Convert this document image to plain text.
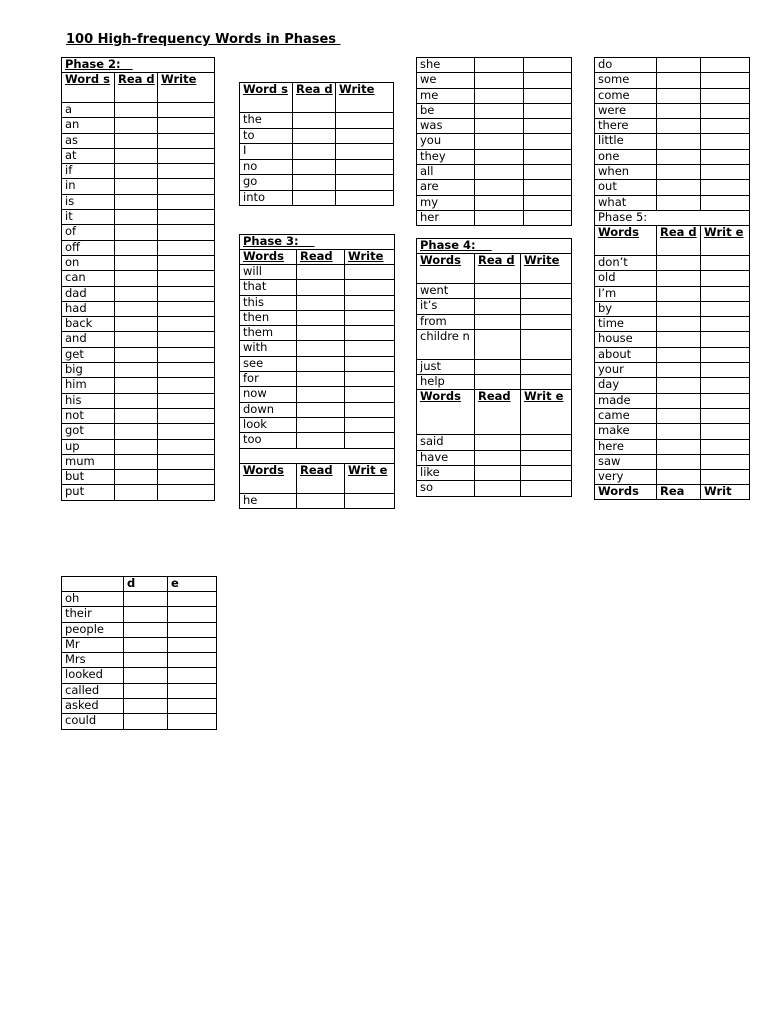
100 High-frequency Words in Phases
Phase 2:		
Word s	Rea d	Write
a		
an		
as		
at		
if		
in		
is		
it		
of		
off		
on		
can		
dad		
had		
back		
and		
get		
big		
him		
his		
not		
got		
up		
mum		
but		
put		
Word s	Rea d	Write
the		
to		
I		
no		
go		
into		
Phase 3:		
Words	Read	Write
will		
that		
this		
then		
them		
with		
see		
for		
now		
down		
look		
too		

Words	Read	Writ e
he		
she		
we		
me		
be		
was		
you		
they		
all		
are		
my		
her		
Phase 4:		
Words	Rea d	Write
went		
it’s		
from		
childre n		
just		
help		
Words	Read	Writ e
said		
have		
like		
so		
do		
some		
come		
were		
there		
little		
one		
when		
out		
what		
Phase 5:		
Words	Rea d	Writ e
don’t		
old		
I’m		
by		
time		
house		
about		
your		
day		
made		
came		
make		
here		
saw		
very		
Words	Rea	Writ
	d	e
oh		
their		
people		
Mr		
Mrs		
looked		
called		
asked		
could		
